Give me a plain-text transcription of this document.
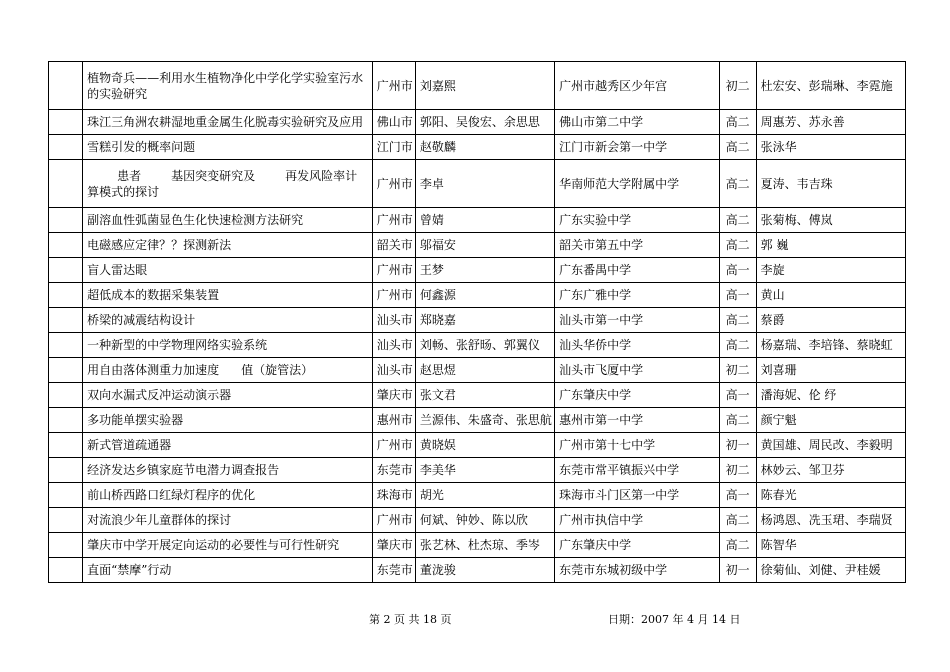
	植物奇兵——利用水生植物净化中学化学实验室污水的实验研究	广州市	刘嘉熙	广州市越秀区少年宫	初二	杜宏安、彭瑞琳、李霓施
	珠江三角洲农耕湿地重金属生化脱毒实验研究及应用	佛山市	郭阳、吴俊宏、余思思	佛山市第二中学	高二	周惠芳、苏永善
	雪糕引发的概率问题	江门市	赵敬麟	江门市新会第一中学	高二	张泳华
	患者 基因突变研究及 再发风险率计算模式的探讨	广州市	李卓	华南师范大学附属中学	高二	夏涛、韦吉珠
	副溶血性弧菌显色生化快速检测方法研究	广州市	曾婧	广东实验中学	高二	张菊梅、傅岚
	电磁感应定律？？探测新法	韶关市	邬福安	韶关市第五中学	高二	郭 巍
	盲人雷达眼	广州市	王梦	广东番禺中学	高一	李旋
	超低成本的数据采集装置	广州市	何鑫源	广东广雅中学	高一	黄山
	桥梁的减震结构设计	汕头市	郑晓嘉	汕头市第一中学	高二	蔡爵
	一种新型的中学物理网络实验系统	汕头市	刘畅、张舒旸、郭翼仪	汕头华侨中学	高二	杨嘉瑞、李培锋、蔡晓虹
	用自由落体测重力加速度 值（旋管法）	汕头市	赵思煜	汕头市飞厦中学	初二	刘喜珊
	双向水漏式反冲运动演示器	肇庆市	张文君	广东肇庆中学	高一	潘海妮、伦 纾
	多功能单摆实验器	惠州市	兰源伟、朱盛奇、张思航	惠州市第一中学	高二	颜宁魁
	新式管道疏通器	广州市	黄晓娱	广州市第十七中学	初一	黄国雄、周民改、李毅明
	经济发达乡镇家庭节电潜力调查报告	东莞市	李美华	东莞市常平镇振兴中学	初二	林妙云、邹卫芬
	前山桥西路口红绿灯程序的优化	珠海市	胡光	珠海市斗门区第一中学	高一	陈春光
	对流浪少年儿童群体的探讨	广州市	何斌、钟妙、陈以欣	广州市执信中学	高二	杨鸿恩、冼玉珺、李瑞贤
	肇庆市中学开展定向运动的必要性与可行性研究	肇庆市	张艺林、杜杰琼、季岑	广东肇庆中学	高二	陈智华
	直面“禁摩”行动	东莞市	董泷骏	东莞市东城初级中学	初一	徐菊仙、刘健、尹桂媛
第 2 页 共 18 页	日期：2007 年 4 月 14 日
